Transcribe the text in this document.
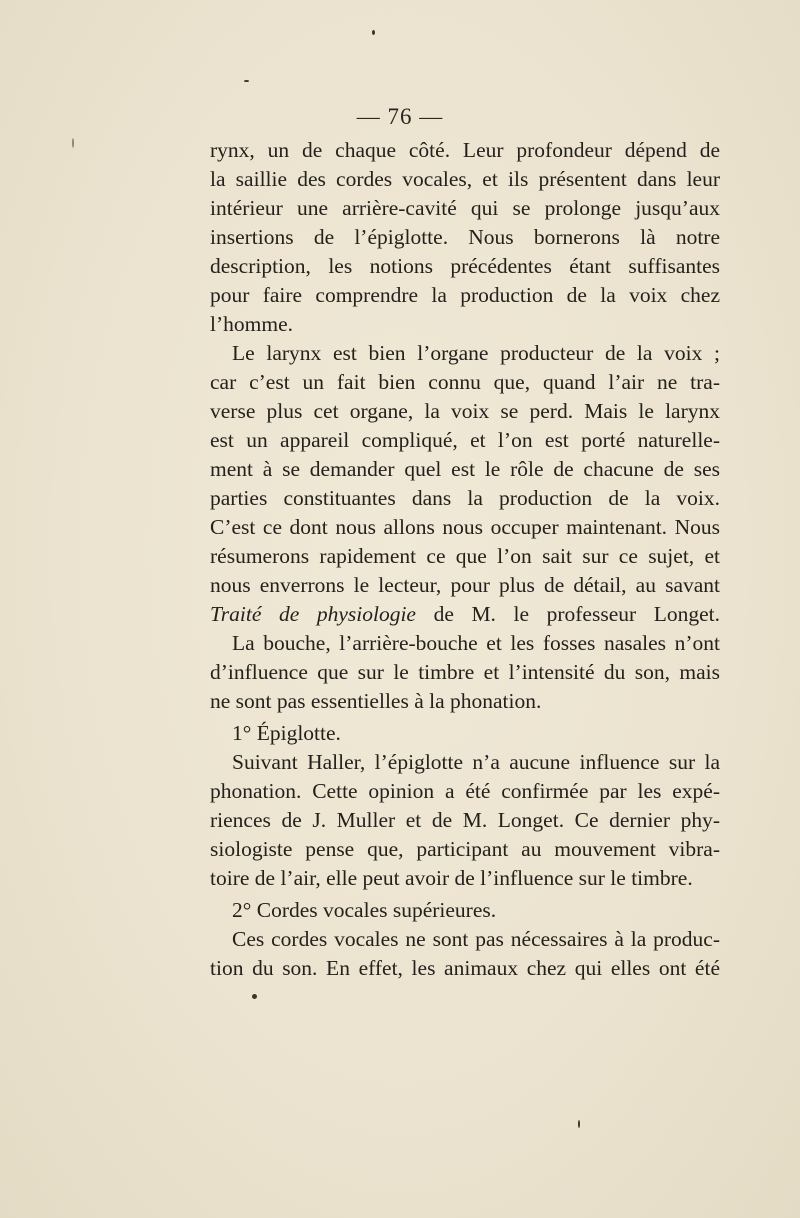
— 76 —
rynx, un de chaque côté. Leur profondeur dépend de
la saillie des cordes vocales, et ils présentent dans leur
intérieur une arrière-cavité qui se prolonge jusqu’aux
insertions de l’épiglotte. Nous bornerons là notre
description, les notions précédentes étant suffisantes
pour faire comprendre la production de la voix chez
l’homme.
Le larynx est bien l’organe producteur de la voix ;
car c’est un fait bien connu que, quand l’air ne tra-
verse plus cet organe, la voix se perd. Mais le larynx
est un appareil compliqué, et l’on est porté naturelle-
ment à se demander quel est le rôle de chacune de ses
parties constituantes dans la production de la voix.
C’est ce dont nous allons nous occuper maintenant. Nous
résumerons rapidement ce que l’on sait sur ce sujet, et
nous enverrons le lecteur, pour plus de détail, au savant
Traité de physiologie de M. le professeur Longet.
La bouche, l’arrière-bouche et les fosses nasales n’ont
d’influence que sur le timbre et l’intensité du son, mais
ne sont pas essentielles à la phonation.
1° Épiglotte.
Suivant Haller, l’épiglotte n’a aucune influence sur la
phonation. Cette opinion a été confirmée par les expé-
riences de J. Muller et de M. Longet. Ce dernier phy-
siologiste pense que, participant au mouvement vibra-
toire de l’air, elle peut avoir de l’influence sur le timbre.
2° Cordes vocales supérieures.
Ces cordes vocales ne sont pas nécessaires à la produc-
tion du son. En effet, les animaux chez qui elles ont été
